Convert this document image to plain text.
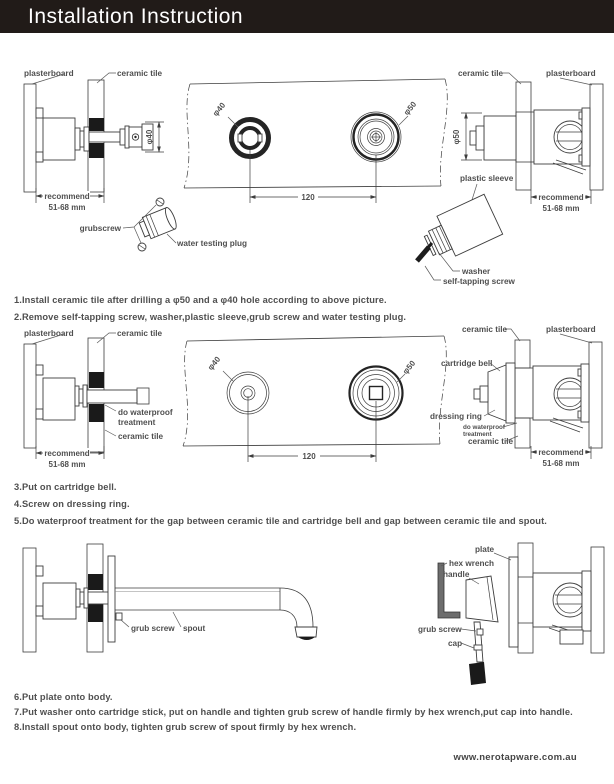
Installation Instruction
φ40
recommend
51-68 mm
plasterboard	ceramic tile
φ40	φ50
120
grubscrew
water testing plug
φ50
recommend
51-68 mm
ceramic tile	plasterboard
plastic sleeve
washer
self-tapping screw
plasterboard	ceramic tile
do waterproof
treatment
ceramic tile
recommend
51-68 mm
φ40	φ50
120
ceramic tile	plasterboard
cartridge bell
dressing ring
do waterproof
treatment
ceramic tile
recommend
51-68 mm
grub screw spout
plate
hex wrench
handle
grub screw
cap
1.Install ceramic tile after drilling a φ50 and a φ40 hole according to above picture.
2.Remove self-tapping screw, washer,plastic sleeve,grub screw and water testing plug.
3.Put on cartridge bell.
4.Screw on dressing ring.
5.Do waterproof treatment for the gap between ceramic tile and cartridge bell and gap between ceramic tile and spout.
6.Put plate onto body.
7.Put washer onto cartridge stick, put on handle and tighten grub screw of handle firmly by hex wrench,put cap into handle.
8.Install spout onto body, tighten grub screw of spout firmly by hex wrench.
www.nerotapware.com.au
